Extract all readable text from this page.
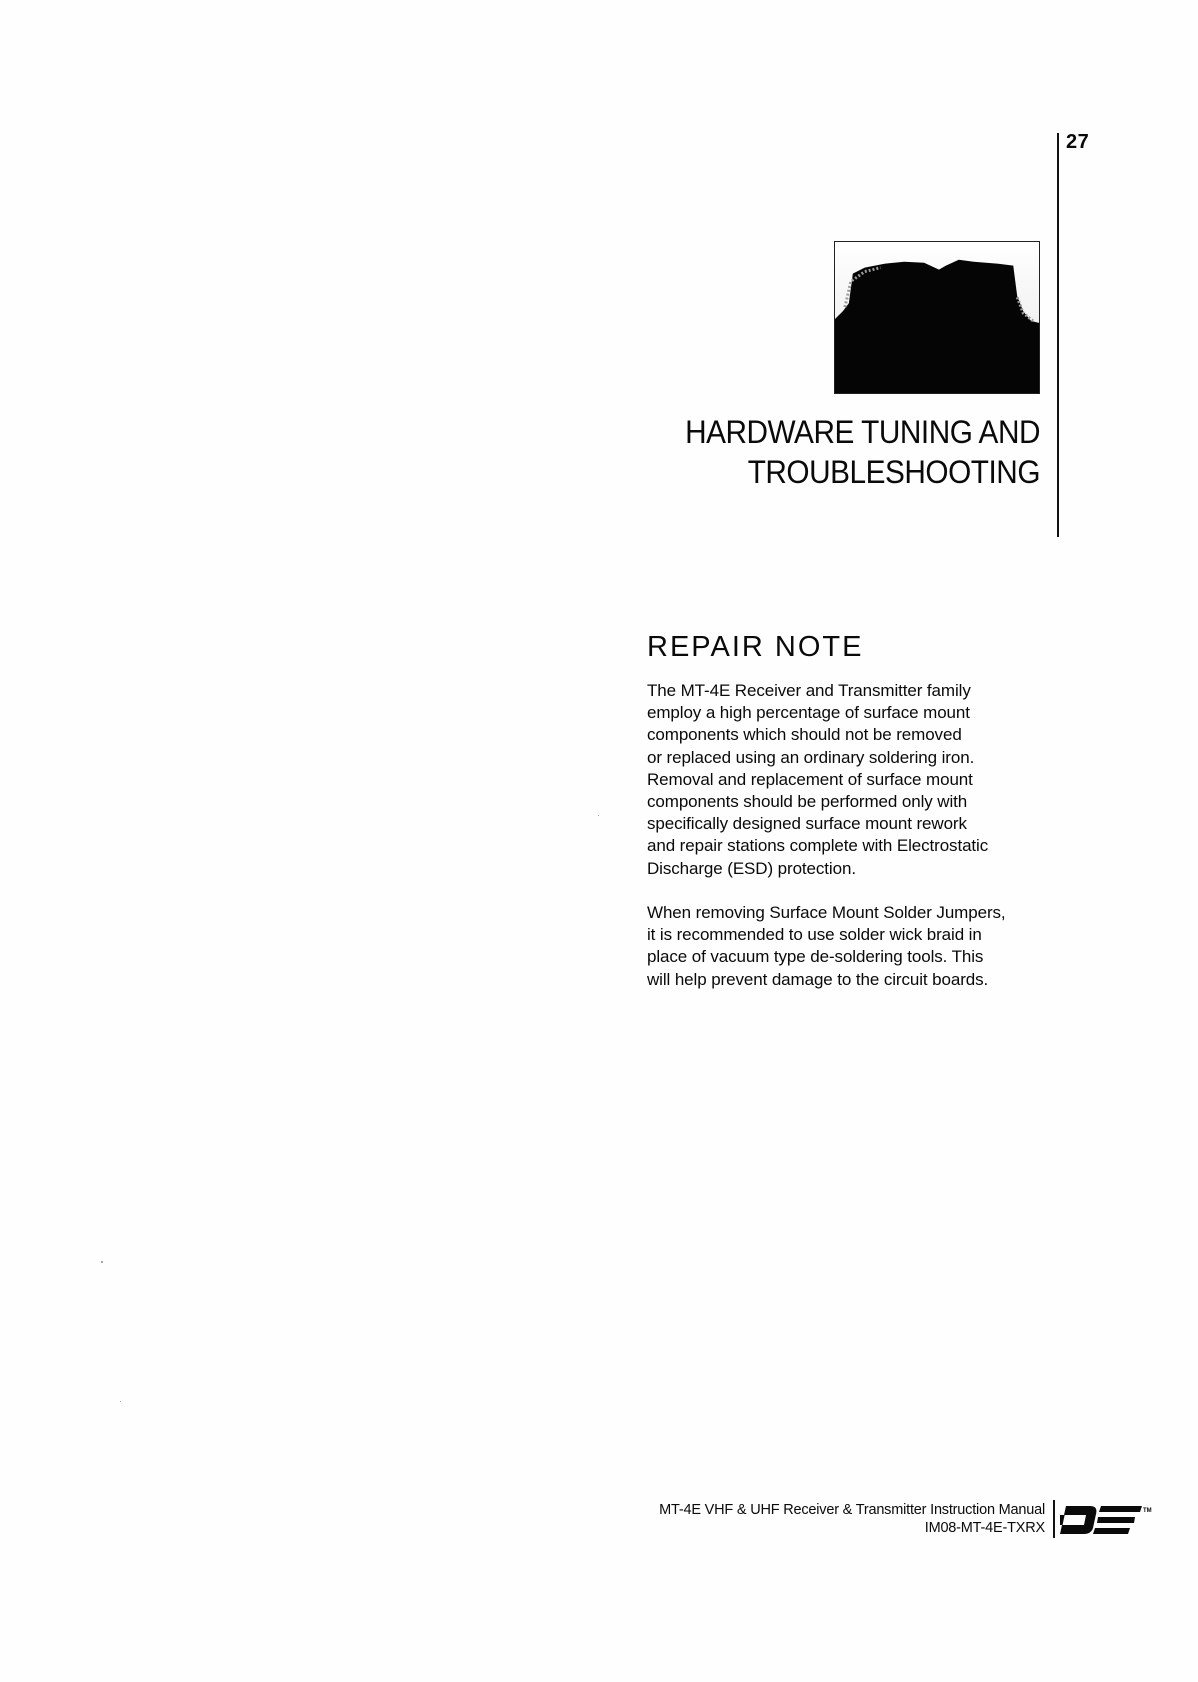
27
HARDWARE TUNING AND
TROUBLESHOOTING
REPAIR NOTE
The MT-4E Receiver and Transmitter family
employ a high percentage of surface mount
components which should not be removed
or replaced using an ordinary soldering iron.
Removal and replacement of surface mount
components should be performed only with
specifically designed surface mount rework
and repair stations complete with Electrostatic
Discharge (ESD) protection.
When removing Surface Mount Solder Jumpers,
it is recommended to use solder wick braid in
place of vacuum type de-soldering tools. This
will help prevent damage to the circuit boards.
MT-4E VHF & UHF Receiver & Transmitter Instruction Manual
IM08-MT-4E-TXRX
TM
